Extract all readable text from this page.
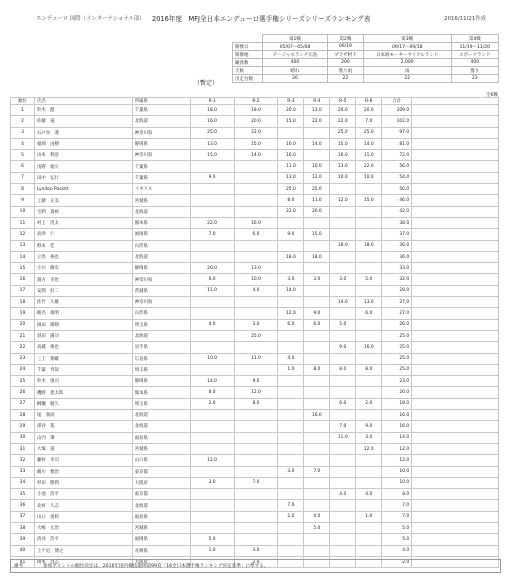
エンデューロ 国際（インターナショナル部） 2016年度　MFJ全日本エンデューロ選手権シリーズシリーズランキング表	2016/11/21作成
（暫定）
	第1戦	第2戦	第3戦	第4戦
開催日	05/07〜05/08	06/19	09/17〜09/18	11/19〜11/20
開催地	テージャスランチ広島	プラザ阿下	日本海モーターサイクルランド	スポーツランド
観客数	400	200	2,000	400
天候	晴れ	曇り雨	雨	曇り
出走台数	26	22	22	23
全6戦
順位	氏名	所属県	R-1	R-2	R-3	R-4	R-5	R-6	合計	
1	鈴木　健	千葉県	18.0	18.0	20.0	13.0	20.0	20.0	109.0	
2	佐藤　竜	北海道	16.0	20.0	15.0	22.0	22.0	7.0	102.0	
3	石戸谷　蓮	神奈川県	25.0	22.0			25.0	25.0	97.0	
4	福岡　由樹	静岡県	13.0	15.0	10.0	14.0	15.0	14.0	81.0	
5	山本　利彦	神奈川県	15.0	14.0	16.0		16.0	11.0	72.0	
6	浅野　徳久	千葉県			11.0	10.0	13.0	22.0	56.0	
7	田中　弘行	千葉県	9.0		13.0	12.0	10.0	10.0	54.0	
8	Lyndon Poskitt	イギリス			25.0	25.0			50.0	
9	工藤　正美	宮城県			8.0	11.0	12.0	15.0	46.0	
10	毛利　貴裕	北海道			22.0	20.0			42.0	
11	村上　洸太	熊本県	22.0	16.0					38.0	
12	高津　仁	福岡県	7.0	6.0	9.0	15.0			37.0	
13	野本　佳	山形県					18.0	18.0	36.0	
14	立馬　裕也	北海道			18.0	18.0			36.0	
15	小川　修史	静岡県	20.0	13.0					33.0	
16	渡方　幸也	神奈川県	6.0	10.0	3.0	3.0	3.0	5.0	32.0	
17	安間　好二	茨城県	11.0	4.0	14.0				29.0	
18	佐竹　久雄	神奈川県					14.0	13.0	27.0	
19	飯名　俊明	山形県			12.0	9.0		6.0	27.0	
20	岡田　節晴	埼玉県	4.0	3.0	6.0	6.0	5.0		26.0	
21	羽田　満司	北海道		25.0					25.0	
22	高蔵　俊也	岩手県					9.0	16.0	25.0	
23	三上　翔雄	広島県	10.0	11.0	4.0				25.0	
24	千葉　寿哉	埼玉県			1.0	8.0	8.0	8.0	25.0	
25	鈴木　康司	静岡県	14.0	9.0					23.0	
26	磯野　恵太郎	熊本県	8.0	12.0					20.0	
27	柳瀬　勉久	埼玉県	2.0	8.0			6.0	2.0	18.0	
28	尾　義尚	北海道				16.0			16.0	
29	澤谷　篤	北海道					7.0	9.0	16.0	
30	山内　肇	福島県					11.0	3.0	14.0	
31	大塚　道	宮城県						12.0	12.0	
32	藤村　幸司	山口県	12.0						12.0	
33	鶴川　雅治	東京都			3.0	7.0			10.0	
34	杉田　勝利	大阪府	3.0	7.0					10.0	
35	小池　浩平	東京都					4.0	4.0	8.0	
36	北村　久志	北海道			7.0				7.0	
37	山口　義和	福島県			2.0	4.0		1.0	7.0	
38	大嶋　元治	宮城県				5.0			5.0	
39	清河　浩平	福岡県	5.0						5.0	
40	上ケ迫　博之	長崎県	1.0	3.0					4.0	
41	岡本　昌志	大阪府		2.0					2.0	
備考	参加ポイントの順位決定は、2016年国内競技規則第99頁「16全日本選手権ランキング決定基準」に準ずる。
